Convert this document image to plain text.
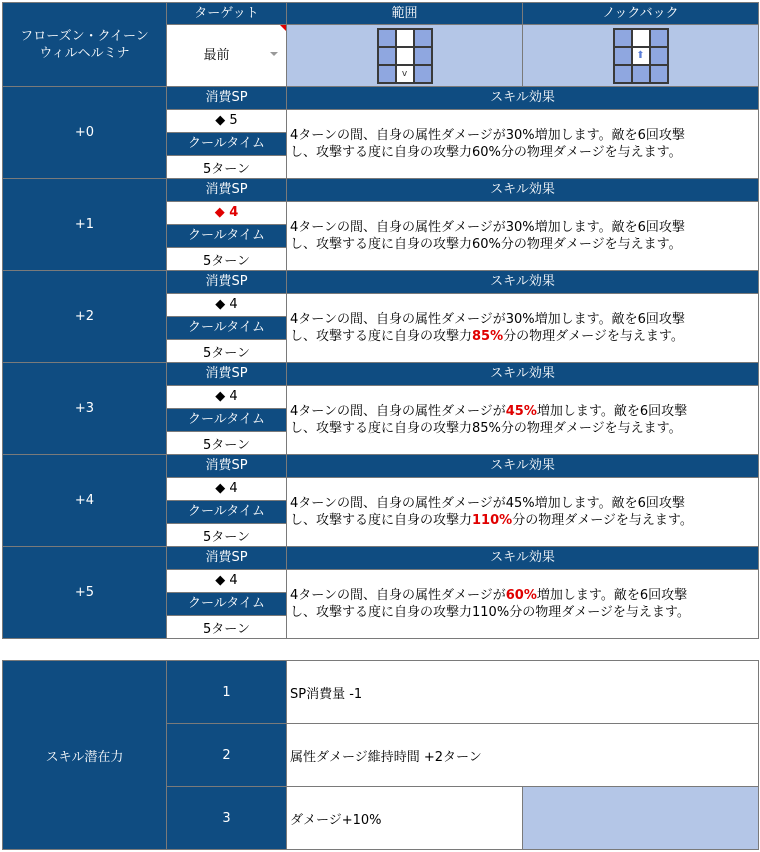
フローズン・クイーン
ウィルヘルミナ	ターゲット	範囲	ノックバック

最前	v	⬆

+0	消費SP	スキル効果	
	◆ 5	4ターンの間、自身の属性ダメージが30%増加します。敵を6回攻撃
し、攻撃する度に自身の攻撃力60%分の物理ダメージを与えます。	
	クールタイム		
	5ターン		
+1	消費SP	スキル効果	
	◆ 4	4ターンの間、自身の属性ダメージが30%増加します。敵を6回攻撃
し、攻撃する度に自身の攻撃力60%分の物理ダメージを与えます。	
	クールタイム		
	5ターン		
+2	消費SP	スキル効果	
	◆ 4	4ターンの間、自身の属性ダメージが30%増加します。敵を6回攻撃
し、攻撃する度に自身の攻撃力85%分の物理ダメージを与えます。	
	クールタイム		
	5ターン		
+3	消費SP	スキル効果	
	◆ 4	4ターンの間、自身の属性ダメージが45%増加します。敵を6回攻撃
し、攻撃する度に自身の攻撃力85%分の物理ダメージを与えます。	
	クールタイム		
	5ターン		
+4	消費SP	スキル効果	
	◆ 4	4ターンの間、自身の属性ダメージが45%増加します。敵を6回攻撃
し、攻撃する度に自身の攻撃力110%分の物理ダメージを与えます。	
	クールタイム		
	5ターン		
+5	消費SP	スキル効果	
	◆ 4	4ターンの間、自身の属性ダメージが60%増加します。敵を6回攻撃
し、攻撃する度に自身の攻撃力110%分の物理ダメージを与えます。	
	クールタイム		
	5ターン		
スキル潜在力	1	SP消費量 -1	
	2	属性ダメージ維持時間 +2ターン	
	3	ダメージ+10%	
